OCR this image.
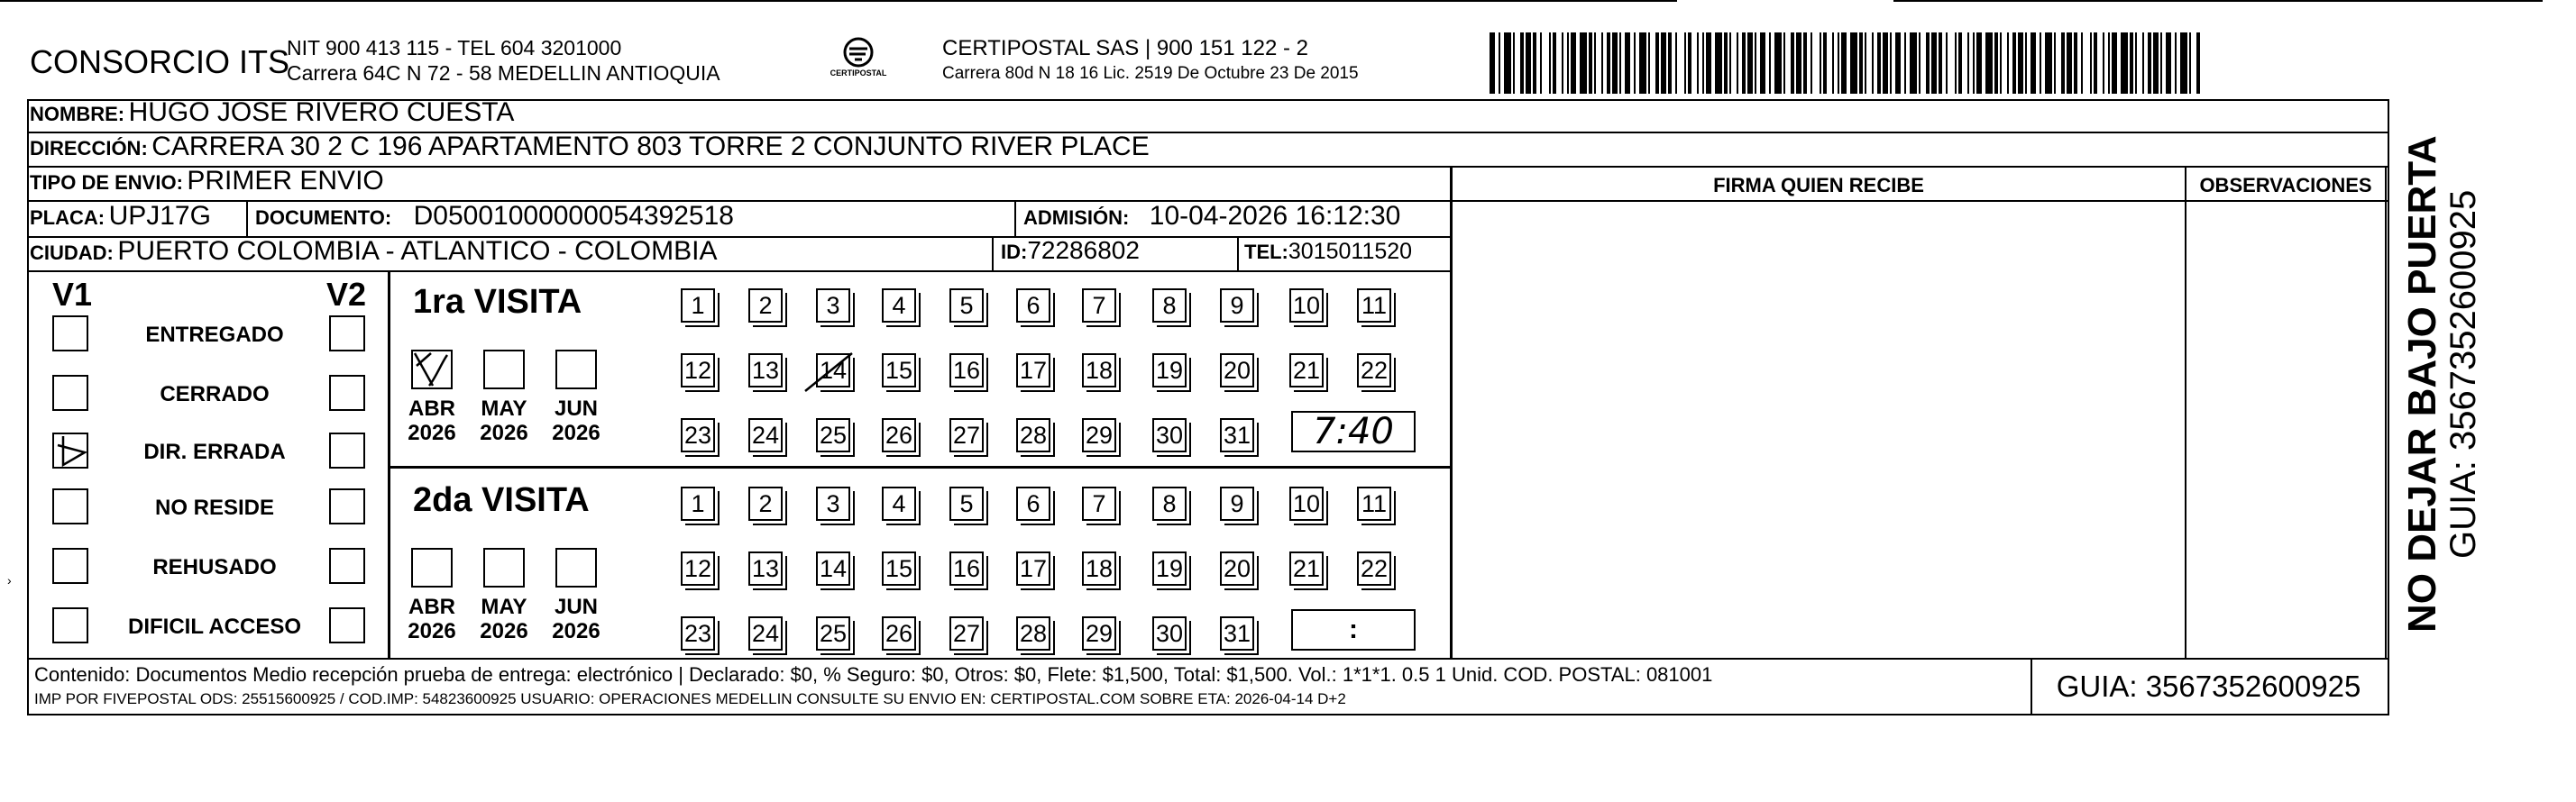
CONSORCIO ITS
NIT 900 413 115 - TEL 604 3201000
Carrera 64C N 72 - 58 MEDELLIN ANTIOQUIA	CERTIPOSTAL
CERTIPOSTAL SAS | 900 151 122 - 2
Carrera 80d N 18 16 Lic. 2519 De Octubre 23 De 2015
NOMBRE: HUGO JOSE RIVERO CUESTA
DIRECCIÓN: CARRERA 30 2 C 196 APARTAMENTO 803 TORRE 2 CONJUNTO RIVER PLACE
TIPO DE ENVIO: PRIMER ENVIO
PLACA: UPJ17G DOCUMENTO: D05001000000054392518	ADMISIÓN: 10-04-2026 16:12:30
CIUDAD: PUERTO COLOMBIA - ATLANTICO - COLOMBIA	ID:72286802	TEL:3015011520
FIRMA QUIEN RECIBE	OBSERVACIONES
V1	V2
ENTREGADO
CERRADO
DIR. ERRADA
NO RESIDE
REHUSADO
DIFICIL ACCESO
1ra VISITA
ABR
2026
MAY
2026
JUN
2026
1	2	3	4	5	6	7	8	9	10 11
12 13 14 15 16 17 18 19 20 21 22
23 24 25 26 27 28 29 30 31	7:40
2da VISITA
ABR
2026
MAY
2026
JUN
2026
1	2	3	4	5	6	7	8	9	10 11
12 13 14 15 16 17 18 19 20 21 22
23 24 25 26 27 28 29 30 31	:
Contenido: Documentos Medio recepción prueba de entrega: electrónico | Declarado: $0, % Seguro: $0, Otros: $0, Flete: $1,500, Total: $1,500. Vol.: 1*1*1. 0.5 1 Unid. COD. POSTAL: 081001
IMP POR FIVEPOSTAL ODS: 25515600925 / COD.IMP: 54823600925 USUARIO: OPERACIONES MEDELLIN CONSULTE SU ENVIO EN: CERTIPOSTAL.COM SOBRE ETA: 2026-04-14 D+2	GUIA: 3567352600925
NO DEJAR BAJO PUERTA GUIA: 3567352600925
›
